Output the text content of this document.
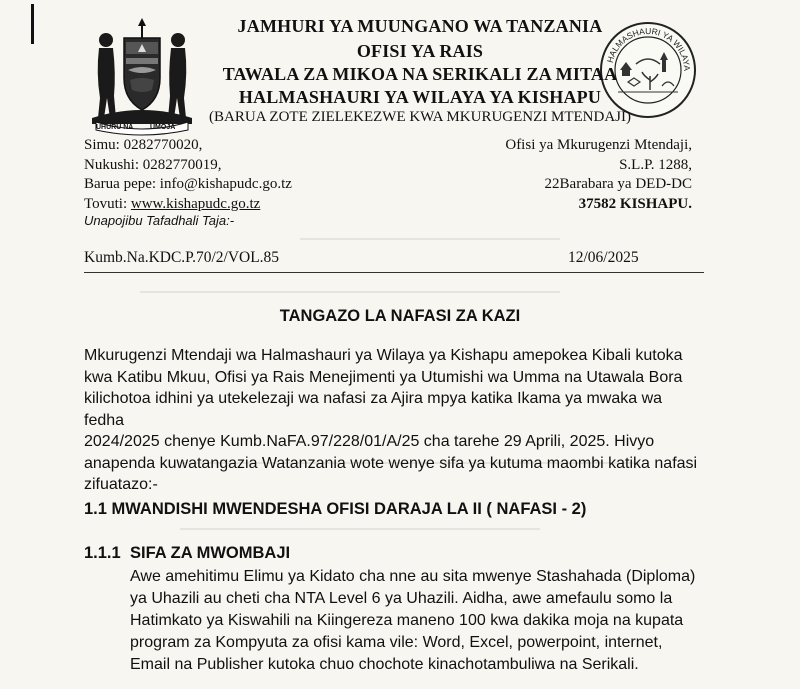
UHURU NA UMOJA
HALMASHAURI YA WILAYA
JAMHURI YA MUUNGANO WA TANZANIA
OFISI YA RAIS
TAWALA ZA MIKOA NA SERIKALI ZA MITAA
HALMASHAURI YA WILAYA YA KISHAPU
(BARUA ZOTE ZIELEKEZWE KWA MKURUGENZI MTENDAJI)
Simu: 0282770020,
Nukushi: 0282770019,
Barua pepe: info@kishapudc.go.tz
Tovuti: www.kishapudc.go.tz
Ofisi ya Mkurugenzi Mtendaji,
S.L.P. 1288,
22Barabara ya DED-DC
37582 KISHAPU.
Unapojibu Tafadhali Taja:-
Kumb.Na.KDC.P.70/2/VOL.85	12/06/2025
TANGAZO LA NAFASI ZA KAZI
Mkurugenzi Mtendaji wa Halmashauri ya Wilaya ya Kishapu amepokea Kibali kutoka
kwa Katibu Mkuu, Ofisi ya Rais Menejimenti ya Utumishi wa Umma na Utawala Bora
kilichotoa idhini ya utekelezaji wa nafasi za Ajira mpya katika Ikama ya mwaka wa fedha
2024/2025 chenye Kumb.NaFA.97/228/01/A/25 cha tarehe 29 Aprili, 2025. Hivyo
anapenda kuwatangazia Watanzania wote wenye sifa ya kutuma maombi katika nafasi
zifuatazo:-
1.1 MWANDISHI MWENDESHA OFISI DARAJA LA II ( NAFASI - 2)
1.1.1 SIFA ZA MWOMBAJI
Awe amehitimu Elimu ya Kidato cha nne au sita mwenye Stashahada (Diploma)
ya Uhazili au cheti cha NTA Level 6 ya Uhazili. Aidha, awe amefaulu somo la
Hatimkato ya Kiswahili na Kiingereza maneno 100 kwa dakika moja na kupata
program za Kompyuta za ofisi kama vile: Word, Excel, powerpoint, internet,
Email na Publisher kutoka chuo chochote kinachotambuliwa na Serikali.
